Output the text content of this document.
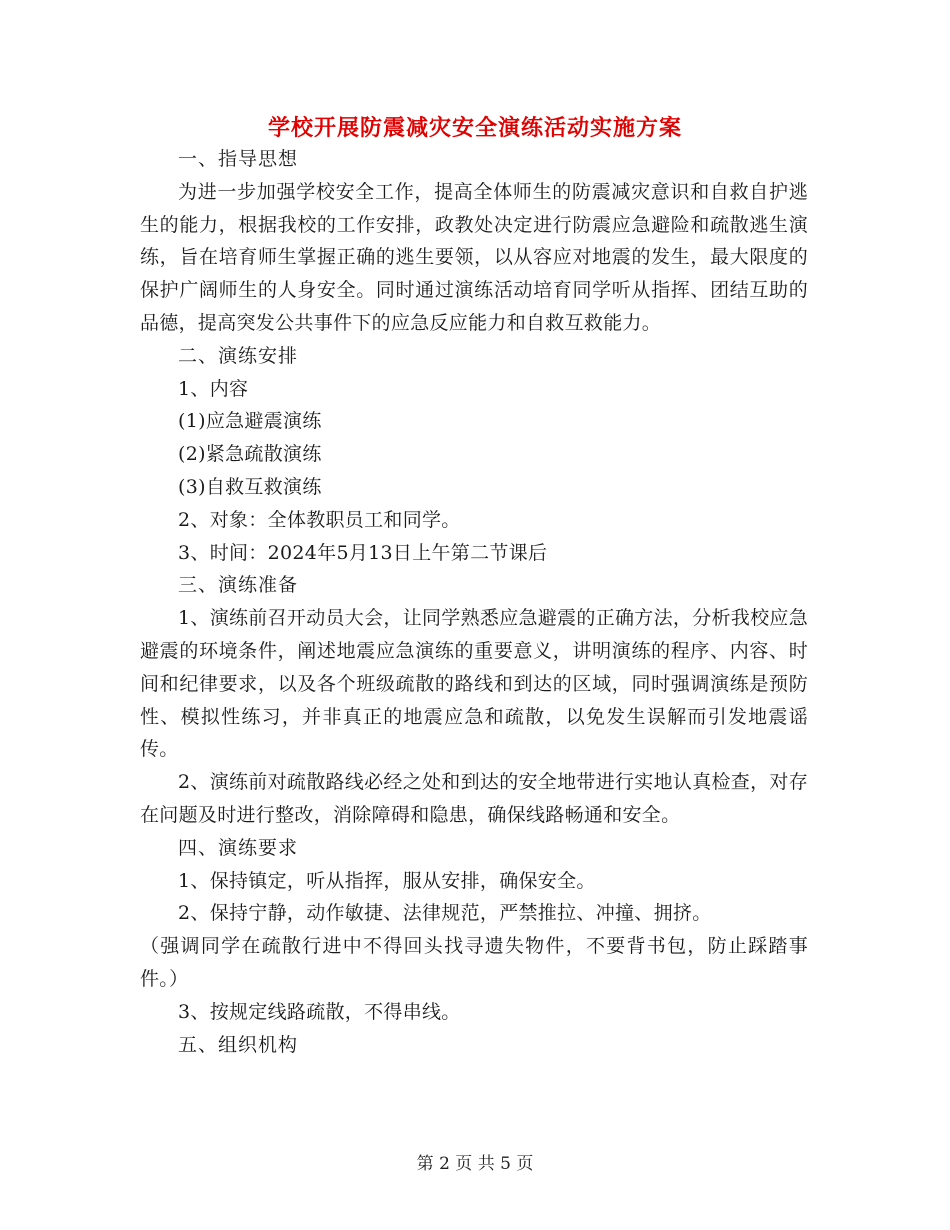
学校开展防震减灾安全演练活动实施方案

一、指导思想

为进一步加强学校安全工作，提高全体师生的防震减灾意识和自救自护逃生的能力，根据我校的工作安排，政教处决定进行防震应急避险和疏散逃生演练，旨在培育师生掌握正确的逃生要领，以从容应对地震的发生，最大限度的保护广阔师生的人身安全。同时通过演练活动培育同学听从指挥、团结互助的品德，提高突发公共事件下的应急反应能力和自救互救能力。

二、演练安排

1、内容

(1)应急避震演练

(2)紧急疏散演练

(3)自救互救演练

2、对象：全体教职员工和同学。

3、时间：2024年5月13日上午第二节课后

三、演练准备

1、演练前召开动员大会，让同学熟悉应急避震的正确方法，分析我校应急避震的环境条件，阐述地震应急演练的重要意义，讲明演练的程序、内容、时间和纪律要求，以及各个班级疏散的路线和到达的区域，同时强调演练是预防性、模拟性练习，并非真正的地震应急和疏散，以免发生误解而引发地震谣传。

2、演练前对疏散路线必经之处和到达的安全地带进行实地认真检查，对存在问题及时进行整改，消除障碍和隐患，确保线路畅通和安全。

四、演练要求

1、保持镇定，听从指挥，服从安排，确保安全。

2、保持宁静，动作敏捷、法律规范，严禁推拉、冲撞、拥挤。

（强调同学在疏散行进中不得回头找寻遗失物件，不要背书包，防止踩踏事件。）

3、按规定线路疏散，不得串线。

五、组织机构

第 2 页 共 5 页
